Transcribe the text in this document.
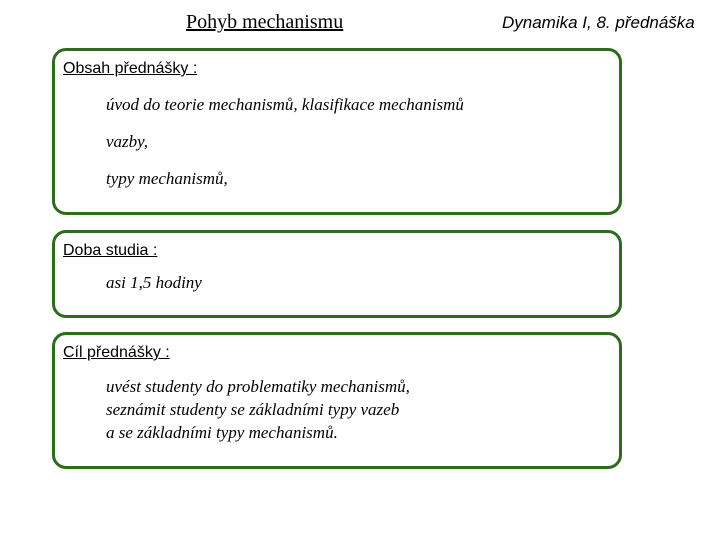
Pohyb mechanismu	Dynamika I, 8. přednáška
Obsah přednášky :
úvod do teorie mechanismů, klasifikace mechanismů
vazby,
typy mechanismů,
Doba studia :
asi 1,5 hodiny
Cíl přednášky :
uvést studenty do problematiky mechanismů,
seznámit studenty se základními typy vazeb
a se základními typy mechanismů.
